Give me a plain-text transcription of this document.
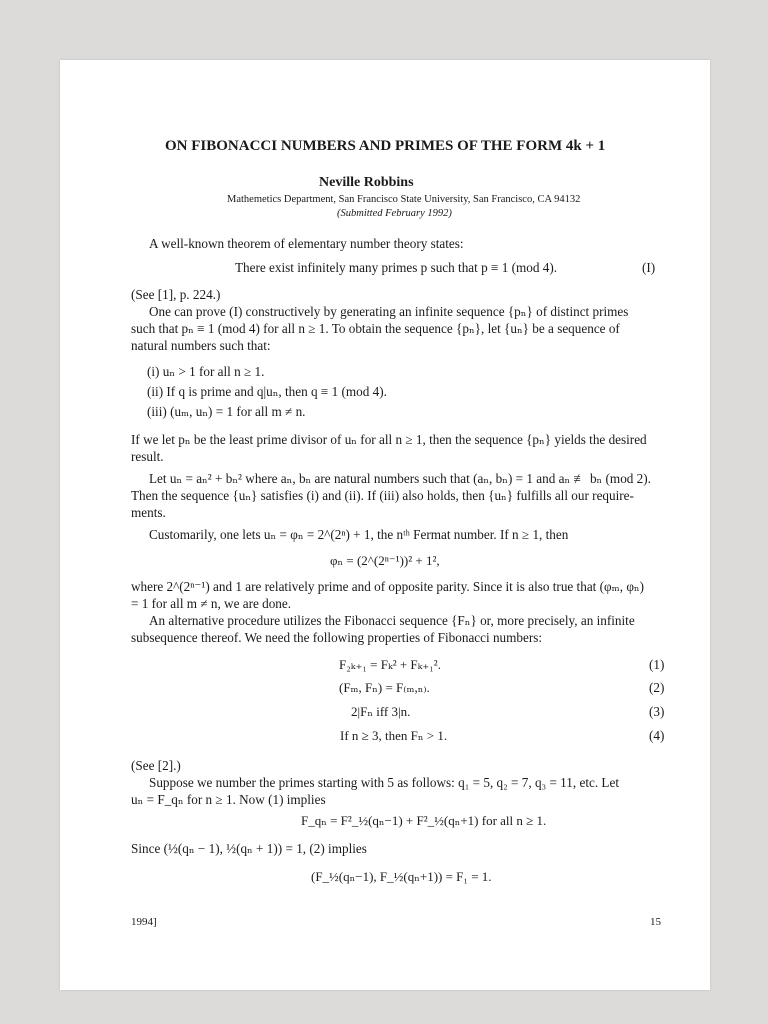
ON FIBONACCI NUMBERS AND PRIMES OF THE FORM 4k + 1
Neville Robbins
Mathemetics Department, San Francisco State University, San Francisco, CA 94132
(Submitted February 1992)
A well-known theorem of elementary number theory states:
There exist infinitely many primes p such that p ≡ 1 (mod 4).	(I)
(See [1], p. 224.)
One can prove (I) constructively by generating an infinite sequence {pₙ} of distinct primes
such that pₙ ≡ 1 (mod 4) for all n ≥ 1. To obtain the sequence {pₙ}, let {uₙ} be a sequence of
natural numbers such that:
(i) uₙ > 1 for all n ≥ 1.
(ii) If q is prime and q|uₙ, then q ≡ 1 (mod 4).
(iii) (uₘ, uₙ) = 1 for all m ≠ n.
If we let pₙ be the least prime divisor of uₙ for all n ≥ 1, then the sequence {pₙ} yields the desired
result.
Let uₙ = aₙ² + bₙ² where aₙ, bₙ are natural numbers such that (aₙ, bₙ) = 1 and aₙ ≢ bₙ (mod 2).
Then the sequence {uₙ} satisfies (i) and (ii). If (iii) also holds, then {uₙ} fulfills all our require-
ments.
Customarily, one lets uₙ = φₙ = 2^(2ⁿ) + 1, the nᵗʰ Fermat number. If n ≥ 1, then
φₙ = (2^(2ⁿ⁻¹))² + 1²,
where 2^(2ⁿ⁻¹) and 1 are relatively prime and of opposite parity. Since it is also true that (φₘ, φₙ)
= 1 for all m ≠ n, we are done.
An alternative procedure utilizes the Fibonacci sequence {Fₙ} or, more precisely, an infinite
subsequence thereof. We need the following properties of Fibonacci numbers:
F₂ₖ₊₁ = Fₖ² + Fₖ₊₁².	(1)
(Fₘ, Fₙ) = F₍ₘ,ₙ₎.	(2)
2|Fₙ iff 3|n.	(3)
If n ≥ 3, then Fₙ > 1.	(4)
(See [2].)
Suppose we number the primes starting with 5 as follows: q₁ = 5, q₂ = 7, q₃ = 11, etc. Let
uₙ = F_qₙ for n ≥ 1. Now (1) implies
F_qₙ = F²_½(qₙ−1) + F²_½(qₙ+1) for all n ≥ 1.
Since (½(qₙ − 1), ½(qₙ + 1)) = 1, (2) implies
(F_½(qₙ−1), F_½(qₙ+1)) = F₁ = 1.
1994]	15
